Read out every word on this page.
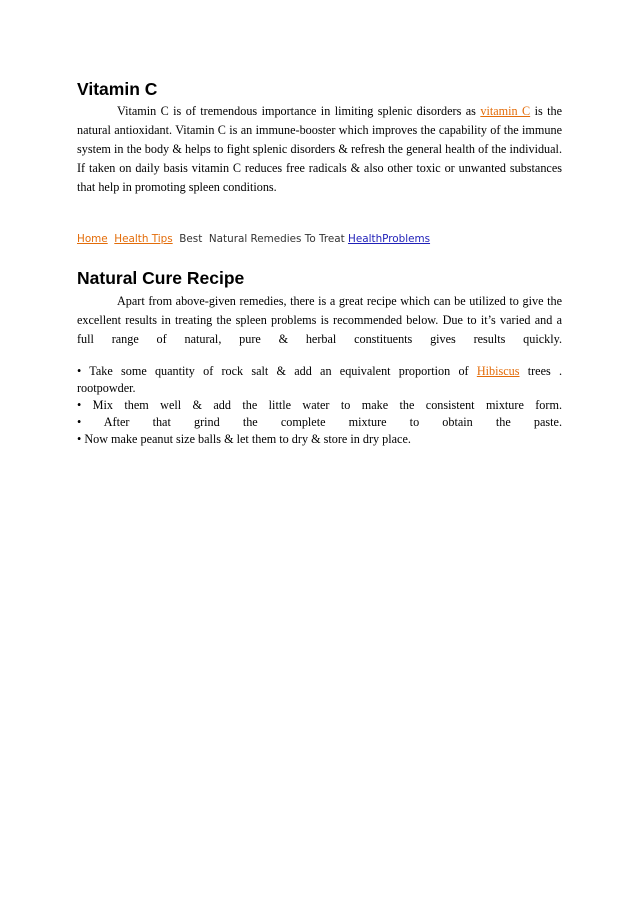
Vitamin C

Vitamin C is of tremendous importance in limiting splenic disorders as vitamin C is the natural antioxidant. Vitamin C is an immune-booster which improves the capability of the immune system in the body & helps to fight splenic disorders & refresh the general health of the individual. If taken on daily basis vitamin C reduces free radicals & also other toxic or unwanted substances that help in promoting spleen conditions.

Home Health Tips Best Natural Remedies To Treat HealthProblems
Natural Cure Recipe

Apart from above-given remedies, there is a great recipe which can be utilized to give the excellent results in treating the spleen problems is recommended below. Due to it’s varied and a full range of natural, pure & herbal constituents gives results quickly.

• Take some quantity of rock salt & add an equivalent proportion of Hibiscus trees .

rootpowder.

• Mix them well & add the little water to make the consistent mixture form.

• After that grind the complete mixture to obtain the paste.

• Now make peanut size balls & let them to dry & store in dry place.
